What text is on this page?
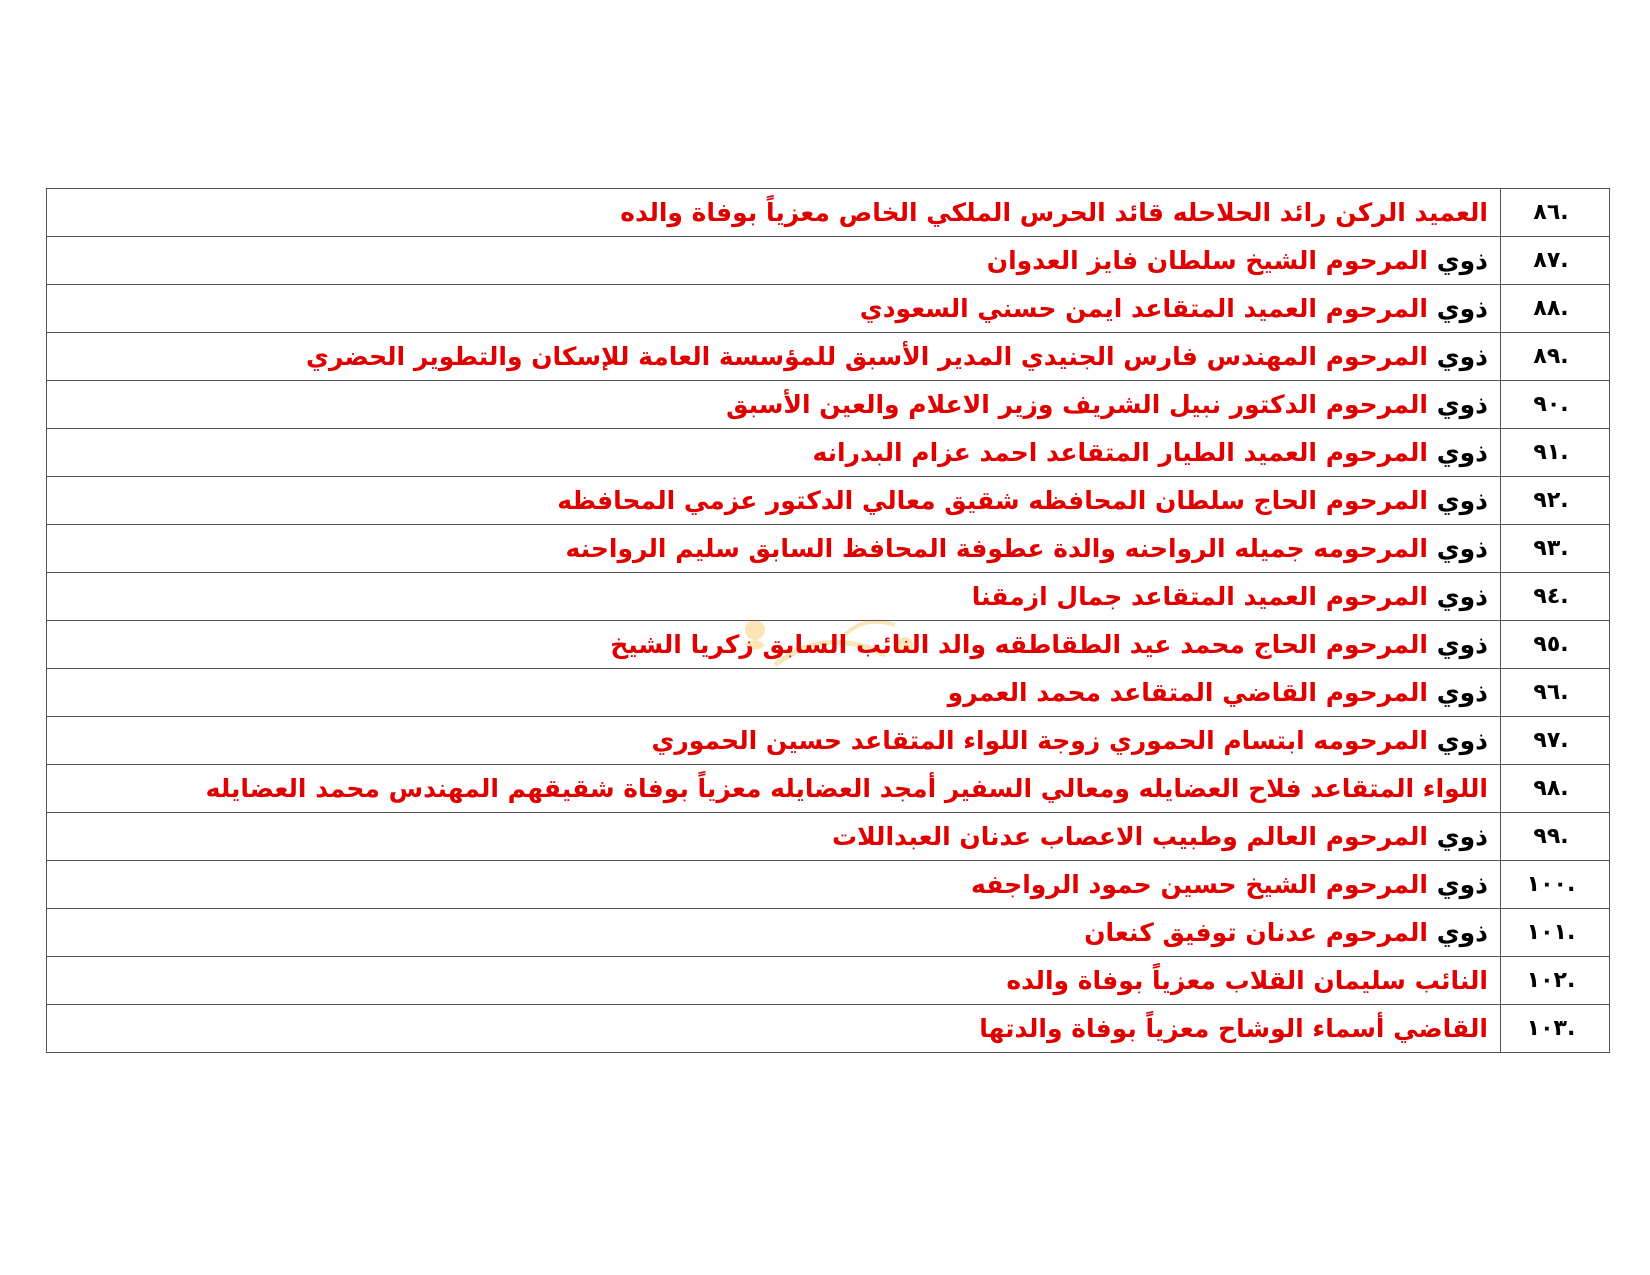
.٨٦	العميد الركن رائد الحلاحله قائد الحرس الملكي الخاص معزياً بوفاة والده
.٨٧	ذوي المرحوم الشيخ سلطان فايز العدوان
.٨٨	ذوي المرحوم العميد المتقاعد ايمن حسني السعودي
.٨٩	ذوي المرحوم المهندس فارس الجنيدي المدير الأسبق للمؤسسة العامة للإسكان والتطوير الحضري
.٩٠	ذوي المرحوم الدكتور نبيل الشريف وزير الاعلام والعين الأسبق
.٩١	ذوي المرحوم العميد الطيار المتقاعد احمد عزام البدرانه
.٩٢	ذوي المرحوم الحاج سلطان المحافظه شقيق معالي الدكتور عزمي المحافظه
.٩٣	ذوي المرحومه جميله الرواحنه والدة عطوفة المحافظ السابق سليم الرواحنه
.٩٤	ذوي المرحوم العميد المتقاعد جمال ازمقنا
.٩٥	ذوي المرحوم الحاج محمد عيد الطقاطقه والد النائب السابق زكريا الشيخ
.٩٦	ذوي المرحوم القاضي المتقاعد محمد العمرو
.٩٧	ذوي المرحومه ابتسام الحموري زوجة اللواء المتقاعد حسين الحموري
.٩٨	اللواء المتقاعد فلاح العضايله ومعالي السفير أمجد العضايله معزياً بوفاة شقيقهم المهندس محمد العضايله
.٩٩	ذوي المرحوم العالم وطبيب الاعصاب عدنان العبداللات
.١٠٠	ذوي المرحوم الشيخ حسين حمود الرواجفه
.١٠١	ذوي المرحوم عدنان توفيق كنعان
.١٠٢	النائب سليمان القلاب معزياً بوفاة والده
.١٠٣	القاضي أسماء الوشاح معزياً بوفاة والدتها
